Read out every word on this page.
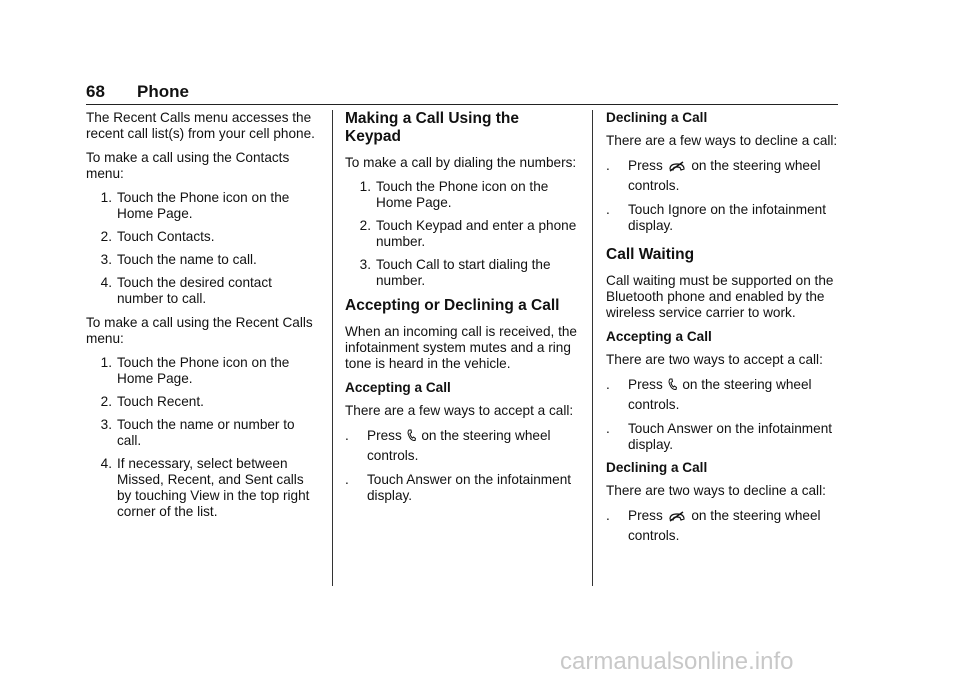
68 Phone

The Recent Calls menu accesses the recent call list(s) from your cell phone.

To make a call using the Contacts menu:

1. Touch the Phone icon on the Home Page.
2. Touch Contacts.
3. Touch the name to call.
4. Touch the desired contact number to call.

To make a call using the Recent Calls menu:

1. Touch the Phone icon on the Home Page.
2. Touch Recent.
3. Touch the name or number to call.
4. If necessary, select between Missed, Recent, and Sent calls by touching View in the top right corner of the list.
Making a Call Using the Keypad

To make a call by dialing the numbers:

1. Touch the Phone icon on the Home Page.
2. Touch Keypad and enter a phone number.
3. Touch Call to start dialing the number.
Accepting or Declining a Call

When an incoming call is received, the infotainment system mutes and a ring tone is heard in the vehicle.

Accepting a Call

There are a few ways to accept a call:

. Press on the steering wheel controls.
. Touch Answer on the infotainment display.
Declining a Call

There are a few ways to decline a call:

. Press on the steering wheel controls.
. Touch Ignore on the infotainment display.
Call Waiting

Call waiting must be supported on the Bluetooth phone and enabled by the wireless service carrier to work.

Accepting a Call

There are two ways to accept a call:

. Press on the steering wheel controls.
. Touch Answer on the infotainment display.
Declining a Call

There are two ways to decline a call:

. Press on the steering wheel controls.
carmanualsonline.info
